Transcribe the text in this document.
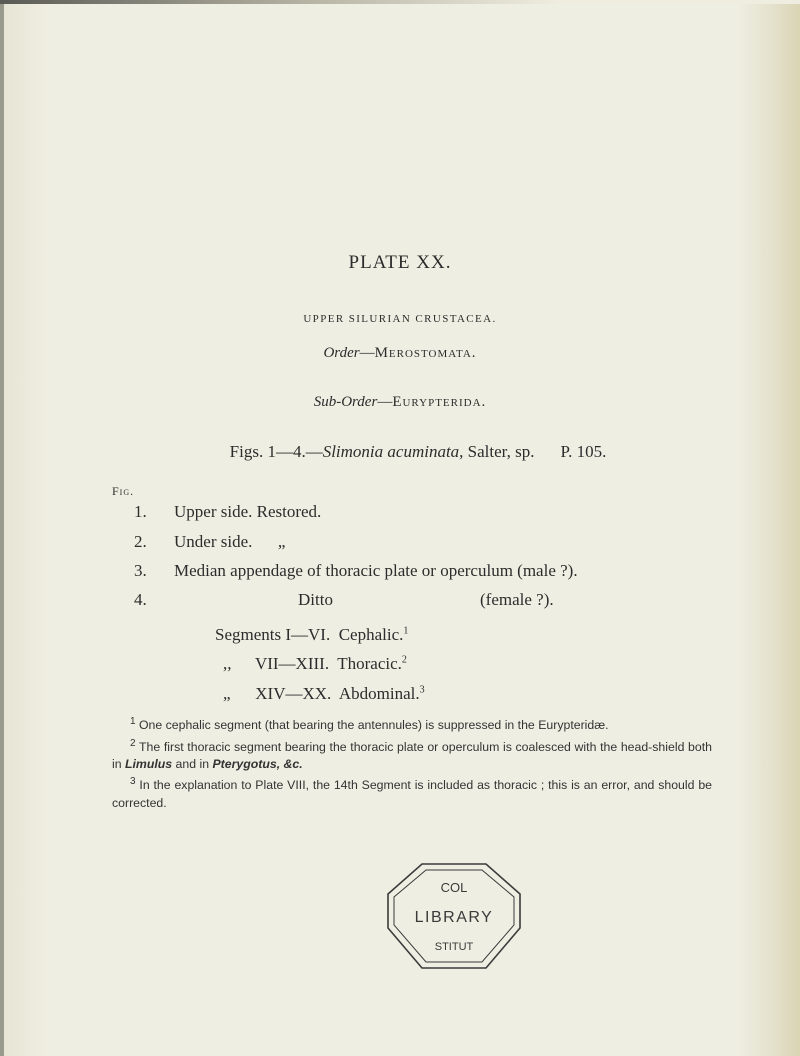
PLATE XX.
UPPER SILURIAN CRUSTACEA.
Order—Merostomata.
Sub-Order—Eurypterida.
Figs. 1—4.—Slimonia acuminata, Salter, sp. P. 105.
Fig.
1. Upper side. Restored.
2. Under side.      „
3. Median appendage of thoracic plate or operculum (male ?).
4.	Ditto	(female ?).
Segments I—VI. Cephalic.$^1$
,, VII—XIII. Thoracic.$^2$
„ XIV—XX. Abdominal.$^3$

$^1$ One cephalic segment (that bearing the antennules) is suppressed in the Eurypteridæ.

$^2$ The first thoracic segment bearing the thoracic plate or operculum is coalesced with the head-shield both in Limulus and in Pterygotus, &c.

$^3$ In the explanation to Plate VIII, the 14th Segment is included as thoracic ; this is an error, and should be corrected.

COL
LIBRARY
STITUT
